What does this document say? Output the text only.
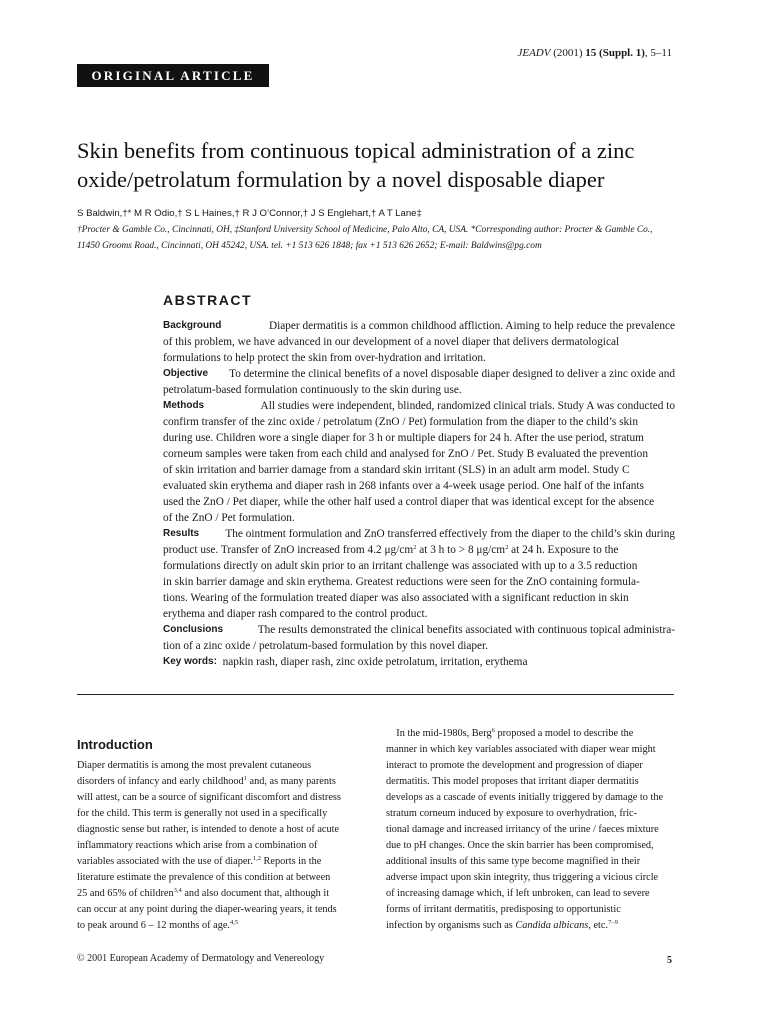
JEADV (2001) 15 (Suppl. 1), 5–11
ORIGINAL ARTICLE
Skin benefits from continuous topical administration of a zinc
oxide/petrolatum formulation by a novel disposable diaper
S Baldwin,†* M R Odio,† S L Haines,† R J O’Connor,† J S Englehart,† A T Lane‡
†Procter & Gamble Co., Cincinnati, OH, ‡Stanford University School of Medicine, Palo Alto, CA, USA. *Corresponding author: Procter & Gamble Co.,
11450 Grooms Road., Cincinnati, OH 45242, USA. tel. +1 513 626 1848; fax +1 513 626 2652; E-mail: Baldwins@pg.com
ABSTRACT
Background	Diaper dermatitis is a common childhood affliction. Aiming to help reduce the prevalence
of this problem, we have advanced in our development of a novel diaper that delivers dermatological
formulations to help protect the skin from over-hydration and irritation.
Objective To determine the clinical benefits of a novel disposable diaper designed to deliver a zinc oxide and
petrolatum-based formulation continuously to the skin during use.
Methods	All studies were independent, blinded, randomized clinical trials. Study A was conducted to
confirm transfer of the zinc oxide / petrolatum (ZnO / Pet) formulation from the diaper to the child’s skin
during use. Children wore a single diaper for 3 h or multiple diapers for 24 h. After the use period, stratum
corneum samples were taken from each child and analysed for ZnO / Pet. Study B evaluated the prevention
of skin irritation and barrier damage from a standard skin irritant (SLS) in an adult arm model. Study C
evaluated skin erythema and diaper rash in 268 infants over a 4-week usage period. One half of the infants
used the ZnO / Pet diaper, while the other half used a control diaper that was identical except for the absence
of the ZnO / Pet formulation.
Results The ointment formulation and ZnO transferred effectively from the diaper to the child’s skin during
product use. Transfer of ZnO increased from 4.2 $\mu g/cm^2$ at 3 h to > 8 $\mu g/cm^2$ at 24 h. Exposure to the
formulations directly on adult skin prior to an irritant challenge was associated with up to a 3.5 reduction
in skin barrier damage and skin erythema. Greatest reductions were seen for the ZnO containing formula-
tions. Wearing of the formulation treated diaper was also associated with a significant reduction in skin
erythema and diaper rash compared to the control product.
Conclusions	The results demonstrated the clinical benefits associated with continuous topical administra-
tion of a zinc oxide / petrolatum-based formulation by this novel diaper.
Key words:
napkin rash, diaper rash, zinc oxide petrolatum, irritation, erythema
Introduction
Diaper dermatitis is among the most prevalent cutaneous
disorders of infancy and early childhood$^1$ and, as many parents
will attest, can be a source of significant discomfort and distress
for the child. This term is generally not used in a specifically
diagnostic sense but rather, is intended to denote a host of acute
inflammatory reactions which arise from a combination of
variables associated with the use of diaper.$^{1,2}$ Reports in the
literature estimate the prevalence of this condition at between
25 and 65% of children$^{3,4}$ and also document that, although it
can occur at any point during the diaper-wearing years, it tends
to peak around 6 – 12 months of age.$^{4,5}$
In the mid-1980s, Berg$^6$ proposed a model to describe the
manner in which key variables associated with diaper wear might
interact to promote the development and progression of diaper
dermatitis. This model proposes that irritant diaper dermatitis
develops as a cascade of events initially triggered by damage to the
stratum corneum induced by exposure to overhydration, fric-
tional damage and increased irritancy of the urine / faeces mixture
due to pH changes. Once the skin barrier has been compromised,
additional insults of this same type become magnified in their
adverse impact upon skin integrity, thus triggering a vicious circle
of increasing damage which, if left unbroken, can lead to severe
forms of irritant dermatitis, predisposing to opportunistic
infection by organisms such as Candida albicans, etc.$^{7-9}$
© 2001 European Academy of Dermatology and Venereology	5
